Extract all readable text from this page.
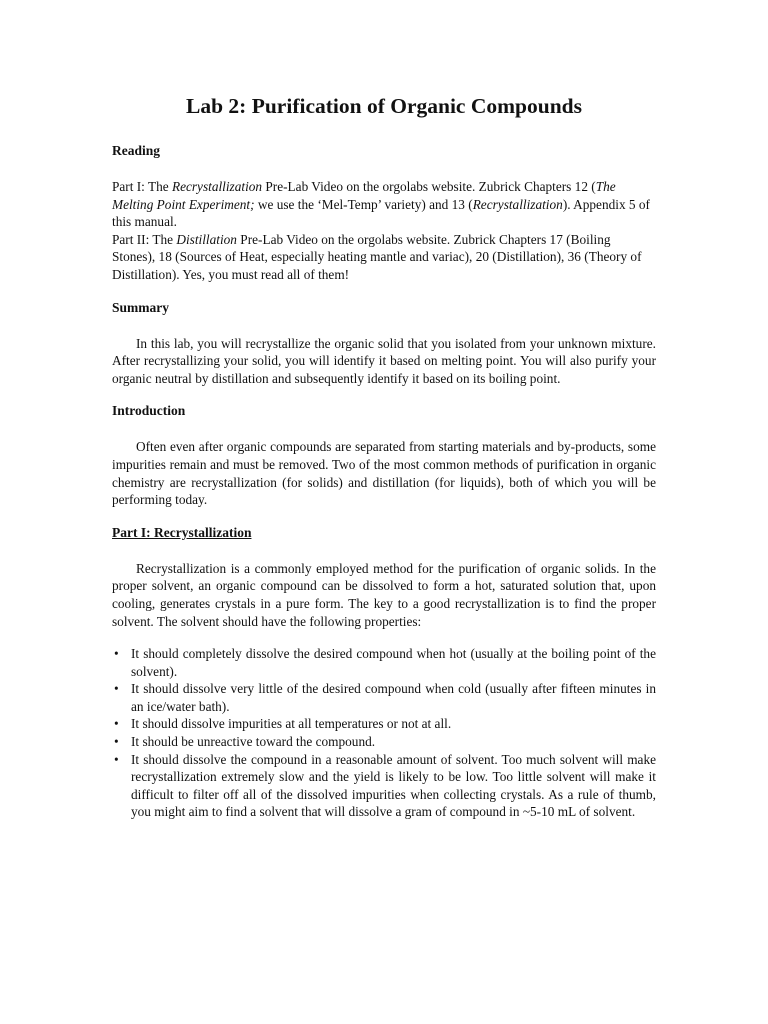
Lab 2: Purification of Organic Compounds
Reading

Part I: The Recrystallization Pre-Lab Video on the orgolabs website. Zubrick Chapters 12 (The Melting Point Experiment; we use the ‘Mel-Temp’ variety) and 13 (Recrystallization). Appendix 5 of this manual.

Part II: The Distillation Pre-Lab Video on the orgolabs website. Zubrick Chapters 17 (Boiling Stones), 18 (Sources of Heat, especially heating mantle and variac), 20 (Distillation), 36 (Theory of Distillation). Yes, you must read all of them!

Summary

In this lab, you will recrystallize the organic solid that you isolated from your unknown mixture. After recrystallizing your solid, you will identify it based on melting point. You will also purify your organic neutral by distillation and subsequently identify it based on its boiling point.

Introduction

Often even after organic compounds are separated from starting materials and by-products, some impurities remain and must be removed. Two of the most common methods of purification in organic chemistry are recrystallization (for solids) and distillation (for liquids), both of which you will be performing today.

Part I: Recrystallization

Recrystallization is a commonly employed method for the purification of organic solids. In the proper solvent, an organic compound can be dissolved to form a hot, saturated solution that, upon cooling, generates crystals in a pure form. The key to a good recrystallization is to find the proper solvent. The solvent should have the following properties:

• It should completely dissolve the desired compound when hot (usually at the boiling point of the solvent).
• It should dissolve very little of the desired compound when cold (usually after fifteen minutes in an ice/water bath).
• It should dissolve impurities at all temperatures or not at all.
• It should be unreactive toward the compound.
• It should dissolve the compound in a reasonable amount of solvent. Too much solvent will make recrystallization extremely slow and the yield is likely to be low. Too little solvent will make it difficult to filter off all of the dissolved impurities when collecting crystals. As a rule of thumb, you might aim to find a solvent that will dissolve a gram of compound in ~5-10 mL of solvent.
